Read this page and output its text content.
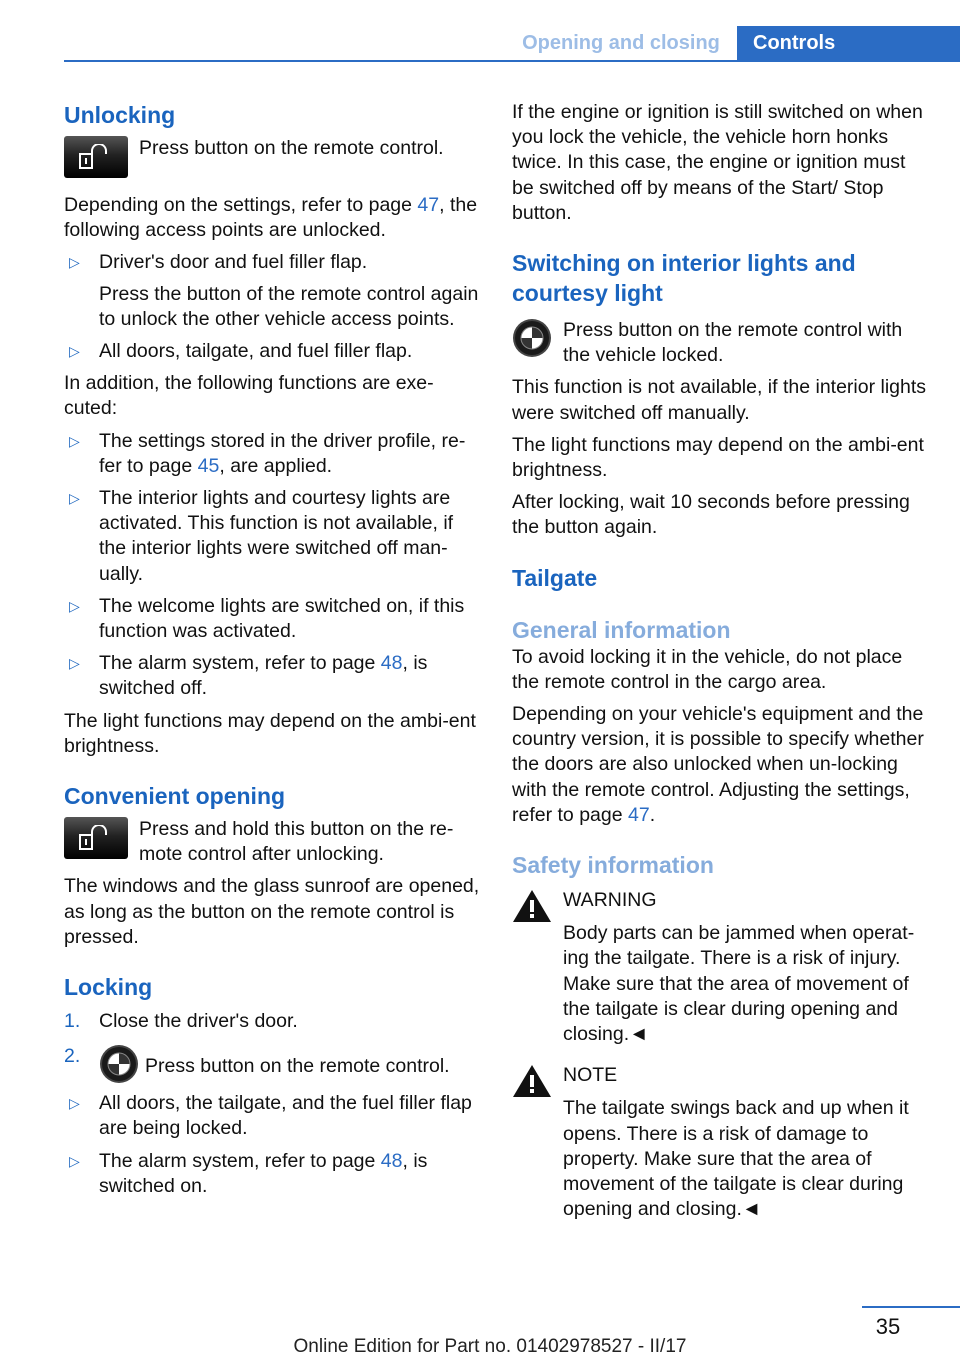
Opening and closing	Controls
Unlocking
Press button on the remote control.

Depending on the settings, refer to page 47, the following access points are unlocked.

▷ Driver's door and fuel filler flap.
Press the button of the remote control again to unlock the other vehicle access points.
▷ All doors, tailgate, and fuel filler flap.

In addition, the following functions are exe-cuted:

▷ The settings stored in the driver profile, re-fer to page 45, are applied.
▷ The interior lights and courtesy lights are activated. This function is not available, if the interior lights were switched off man-ually.
▷ The welcome lights are switched on, if this function was activated.
▷ The alarm system, refer to page 48, is switched off.

The light functions may depend on the ambi-ent brightness.

Convenient opening
Press and hold this button on the re-mote control after unlocking.

The windows and the glass sunroof are opened, as long as the button on the remote control is pressed.

Locking
1. Close the driver's door.
2.	Press button on the remote control.
▷ All doors, the tailgate, and the fuel filler flap are being locked.
▷ The alarm system, refer to page 48, is switched on.

If the engine or ignition is still switched on when you lock the vehicle, the vehicle horn honks twice. In this case, the engine or ignition must be switched off by means of the Start/ Stop button.

Switching on interior lights and courtesy light
Press button on the remote control with the vehicle locked.

This function is not available, if the interior lights were switched off manually.

The light functions may depend on the ambi-ent brightness.

After locking, wait 10 seconds before pressing the button again.

Tailgate
General information

To avoid locking it in the vehicle, do not place the remote control in the cargo area.

Depending on your vehicle's equipment and the country version, it is possible to specify whether the doors are also unlocked when un-locking with the remote control. Adjusting the settings, refer to page 47.

Safety information
WARNING
Body parts can be jammed when operat-ing the tailgate. There is a risk of injury. Make sure that the area of movement of the tailgate is clear during opening and closing.◄
NOTE
The tailgate swings back and up when it opens. There is a risk of damage to property. Make sure that the area of movement of the tailgate is clear during opening and closing.◄
35
Online Edition for Part no. 01402978527 - II/17
